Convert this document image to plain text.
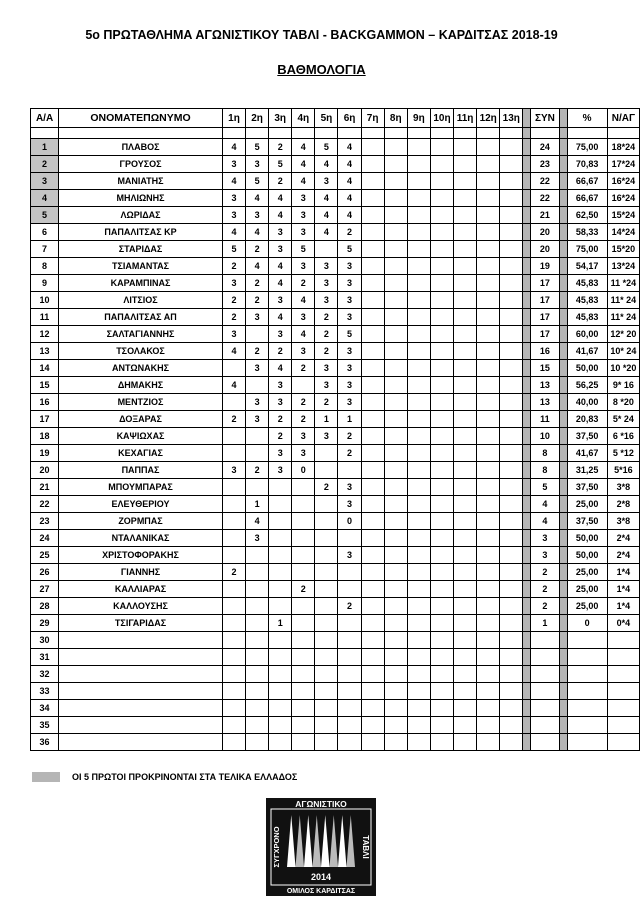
5ο ΠΡΩΤΑΘΛΗΜΑ ΑΓΩΝΙΣΤΙΚΟΥ ΤΑΒΛΙ - BACKGAMMON – ΚΑΡΔΙΤΣΑΣ 2018-19
ΒΑΘΜΟΛΟΓΙΑ
Α/Α	ΟΝΟΜΑΤΕΠΩΝΥΜΟ	1η	2η	3η	4η	5η	6η	7η	8η	9η	10η	11η	12η	13η		ΣΥΝ		%	Ν/ΑΓ

1	ΠΛΑΒΟΣ	4	5	2	4	5	4									24		75,00	18*24
2	ΓΡΟΥΣΟΣ	3	3	5	4	4	4									23		70,83	17*24
3	ΜΑΝΙΑΤΗΣ	4	5	2	4	3	4									22		66,67	16*24
4	ΜΗΛΙΩΝΗΣ	3	4	4	3	4	4									22		66,67	16*24
5	ΛΩΡΙΔΑΣ	3	3	4	3	4	4									21		62,50	15*24
6	ΠΑΠΑΛΙΤΣΑΣ ΚΡ	4	4	3	3	4	2									20		58,33	14*24
7	ΣΤΑΡΙΔΑΣ	5	2	3	5		5									20		75,00	15*20
8	ΤΣΙΑΜΑΝΤΑΣ	2	4	4	3	3	3									19		54,17	13*24
9	ΚΑΡΑΜΠΙΝΑΣ	3	2	4	2	3	3									17		45,83	11 *24
10	ΛΙΤΣΙΟΣ	2	2	3	4	3	3									17		45,83	11* 24
11	ΠΑΠΑΛΙΤΣΑΣ ΑΠ	2	3	4	3	2	3									17		45,83	11* 24
12	ΣΑΛΤΑΓΙΑΝΝΗΣ	3		3	4	2	5									17		60,00	12* 20
13	ΤΣΟΛΑΚΟΣ	4	2	2	3	2	3									16		41,67	10* 24
14	ΑΝΤΩΝΑΚΗΣ		3	4	2	3	3									15		50,00	10 *20
15	ΔΗΜΑΚΗΣ	4		3		3	3									13		56,25	9* 16
16	ΜΕΝΤΖΙΟΣ		3	3	2	2	3									13		40,00	8 *20
17	ΔΟΞΑΡΑΣ	2	3	2	2	1	1									11		20,83	5* 24
18	ΚΑΨΙΩΧΑΣ			2	3	3	2									10		37,50	6 *16
19	ΚΕΧΑΓΙΑΣ			3	3		2									8		41,67	5 *12
20	ΠΑΠΠΑΣ	3	2	3	0											8		31,25	5*16
21	ΜΠΟΥΜΠΑΡΑΣ					2	3									5		37,50	3*8
22	ΕΛΕΥΘΕΡΙΟΥ		1				3									4		25,00	2*8
23	ΖΟΡΜΠΑΣ		4				0									4		37,50	3*8
24	ΝΤΑΛΑΝΙΚΑΣ		3													3		50,00	2*4
25	ΧΡΙΣΤΟΦΟΡΑΚΗΣ						3									3		50,00	2*4
26	ΓΙΑΝΝΗΣ	2														2		25,00	1*4
27	ΚΑΛΛΙΑΡΑΣ				2											2		25,00	1*4
28	ΚΑΛΛΟΥΣΗΣ						2									2		25,00	1*4
29	ΤΣΙΓΑΡΙΔΑΣ			1												1		0	0*4
30																			
31																			
32																			
33																			
34																			
35																			
36																			
ΟΙ 5 ΠΡΩΤΟΙ ΠΡΟΚΡΙΝΟΝΤΑΙ ΣΤΑ ΤΕΛΙΚΑ ΕΛΛΑΔΟΣ
ΑΓΩΝΙΣΤΙΚΟ
ΣΥΓΧΡΟΝΟ	ΤΑΒΛΙ
2014
ΟΜΙΛΟΣ ΚΑΡΔΙΤΣΑΣ
